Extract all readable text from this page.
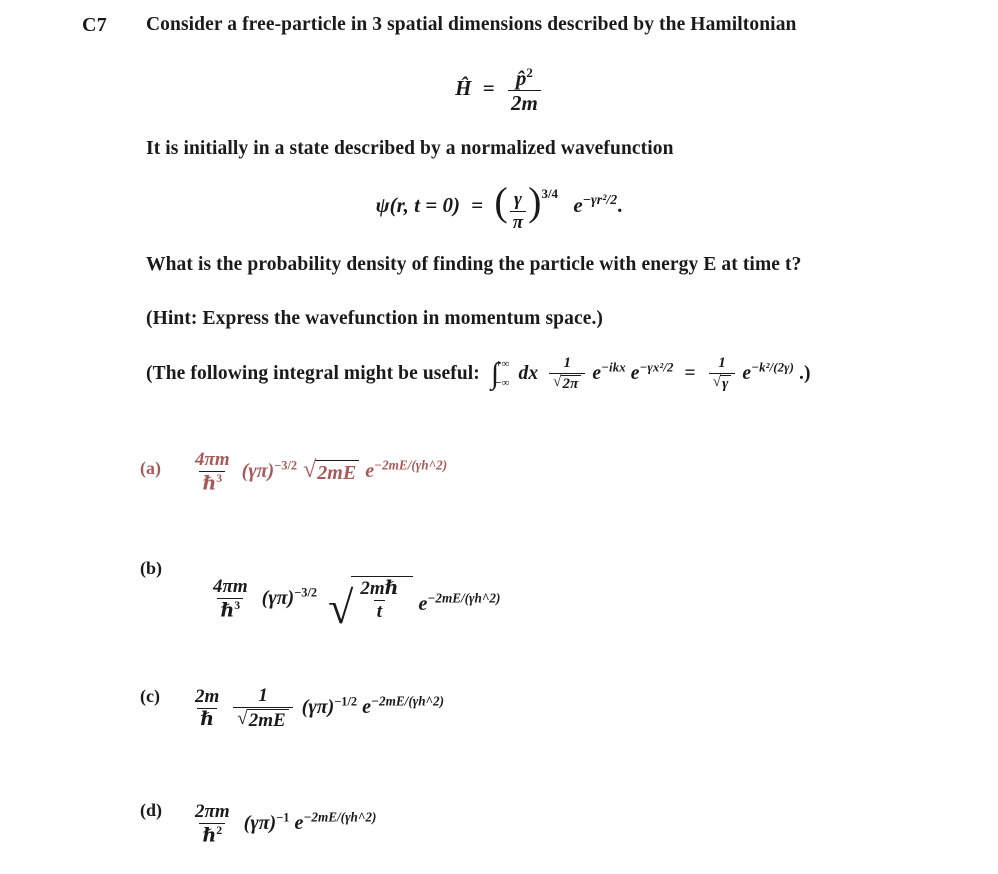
C7 Consider a free-particle in 3 spatial dimensions described by the Hamiltonian
Ĥ = $\frac{p̂^2}{2m}$
It is initially in a state described by a normalized wavefunction
ψ(r, t = 0) = ( $\frac{\gamma}{\pi}$ ) 3/4 $e^{-\gamma r^2/2}$.
What is the probability density of finding the particle with energy E at time t?
(Hint: Express the wavefunction in momentum space.)
(The following integral might be useful: ∫
+∞
−∞ dx $\frac{1}{√ 2\pi} e^{-ikx}$ $e^{-\gamma x^2/2} = \frac{1}{√ \gamma} e^{-k^2/(2\gamma)}$ .)
(a)	$\frac{4\pi m}{\hbar^3} (\gamma\pi)^{-3/2}$ √ 2mE $e^{-2mE/(\gamma h\^{}2)}$
(b)
$\frac{4\pi m}{\hbar^3} (\gamma\pi)^{-3/2}$ √ $\frac{\text{2mℏ}}{t} e^{-2mE/(\gamma h\^{}2)}$
(c)	$\frac{2m}{\text{ℏ}}$
$\frac{1}{√ 2mE} (\gamma\pi)^{-1/2}$ $e^{-2mE/(\gamma h\^{}2)}$
(d)	$\frac{2\pi m}{\hbar^2} (\gamma\pi)^{-1}$ $e^{-2mE/(\gamma h\^{}2)}$
